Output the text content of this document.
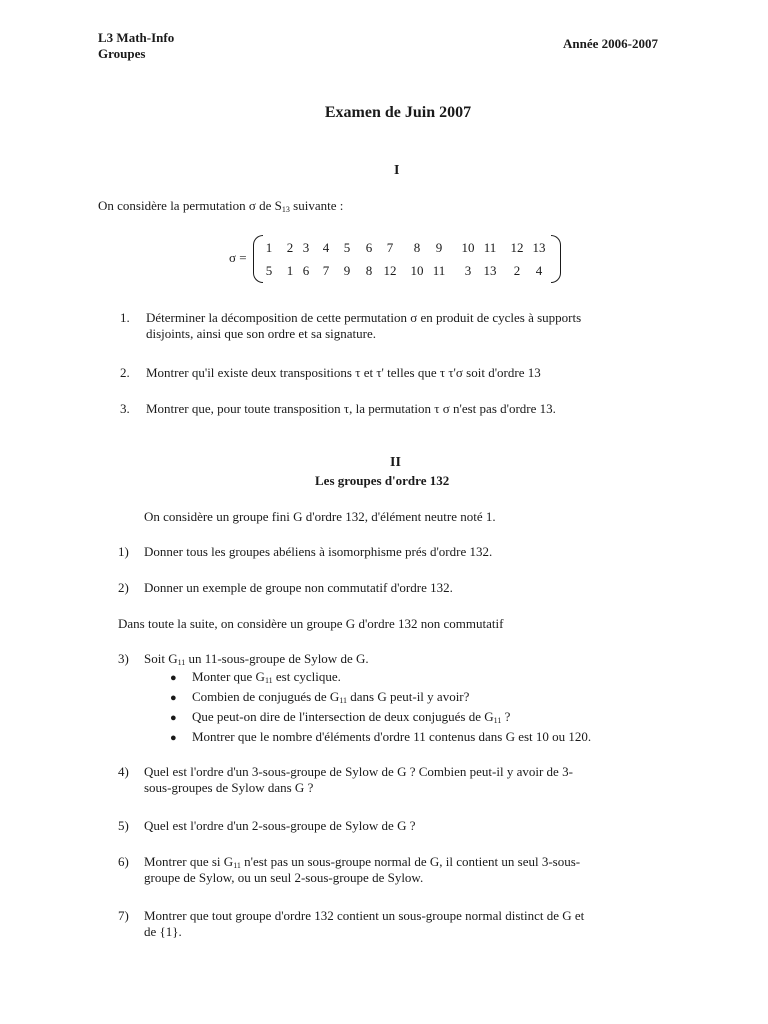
L3 Math-Info
Groupes
Année 2006-2007
Examen de Juin 2007
I
On considère la permutation σ de $S_{13}$ suivante :
σ =
1
5
2
1
3
6
4
7
5
9
6
8
7
12
8
10
9
11
10
3
11
13
12
2
13
4
1. Déterminer la décomposition de cette permutation σ en produit de cycles à supports
disjoints, ainsi que son ordre et sa signature.
2. Montrer qu'il existe deux transpositions τ et τ' telles que τ τ'σ soit d'ordre 13
3. Montrer que, pour toute transposition τ, la permutation τ σ n'est pas d'ordre 13.
II
Les groupes d'ordre 132
On considère un groupe fini G d'ordre 132, d'élément neutre noté 1.
1) Donner tous les groupes abéliens à isomorphisme prés d'ordre 132.
2) Donner un exemple de groupe non commutatif d'ordre 132.
Dans toute la suite, on considère un groupe G d'ordre 132 non commutatif
3) Soit $G_{11}$ un 11-sous-groupe de Sylow de G.
● Monter que $G_{11}$ est cyclique.
● Combien de conjugués de $G_{11}$ dans G peut-il y avoir?
● Que peut-on dire de l'intersection de deux conjugués de $G_{11}$ ?
● Montrer que le nombre d'éléments d'ordre 11 contenus dans G est 10 ou 120.
4) Quel est l'ordre d'un 3-sous-groupe de Sylow de G ? Combien peut-il y avoir de 3-
sous-groupes de Sylow dans G ?
5) Quel est l'ordre d'un 2-sous-groupe de Sylow de G ?
6) Montrer que si $G_{11}$ n'est pas un sous-groupe normal de G, il contient un seul 3-sous-
groupe de Sylow, ou un seul 2-sous-groupe de Sylow.
7) Montrer que tout groupe d'ordre 132 contient un sous-groupe normal distinct de G et
de {1}.
